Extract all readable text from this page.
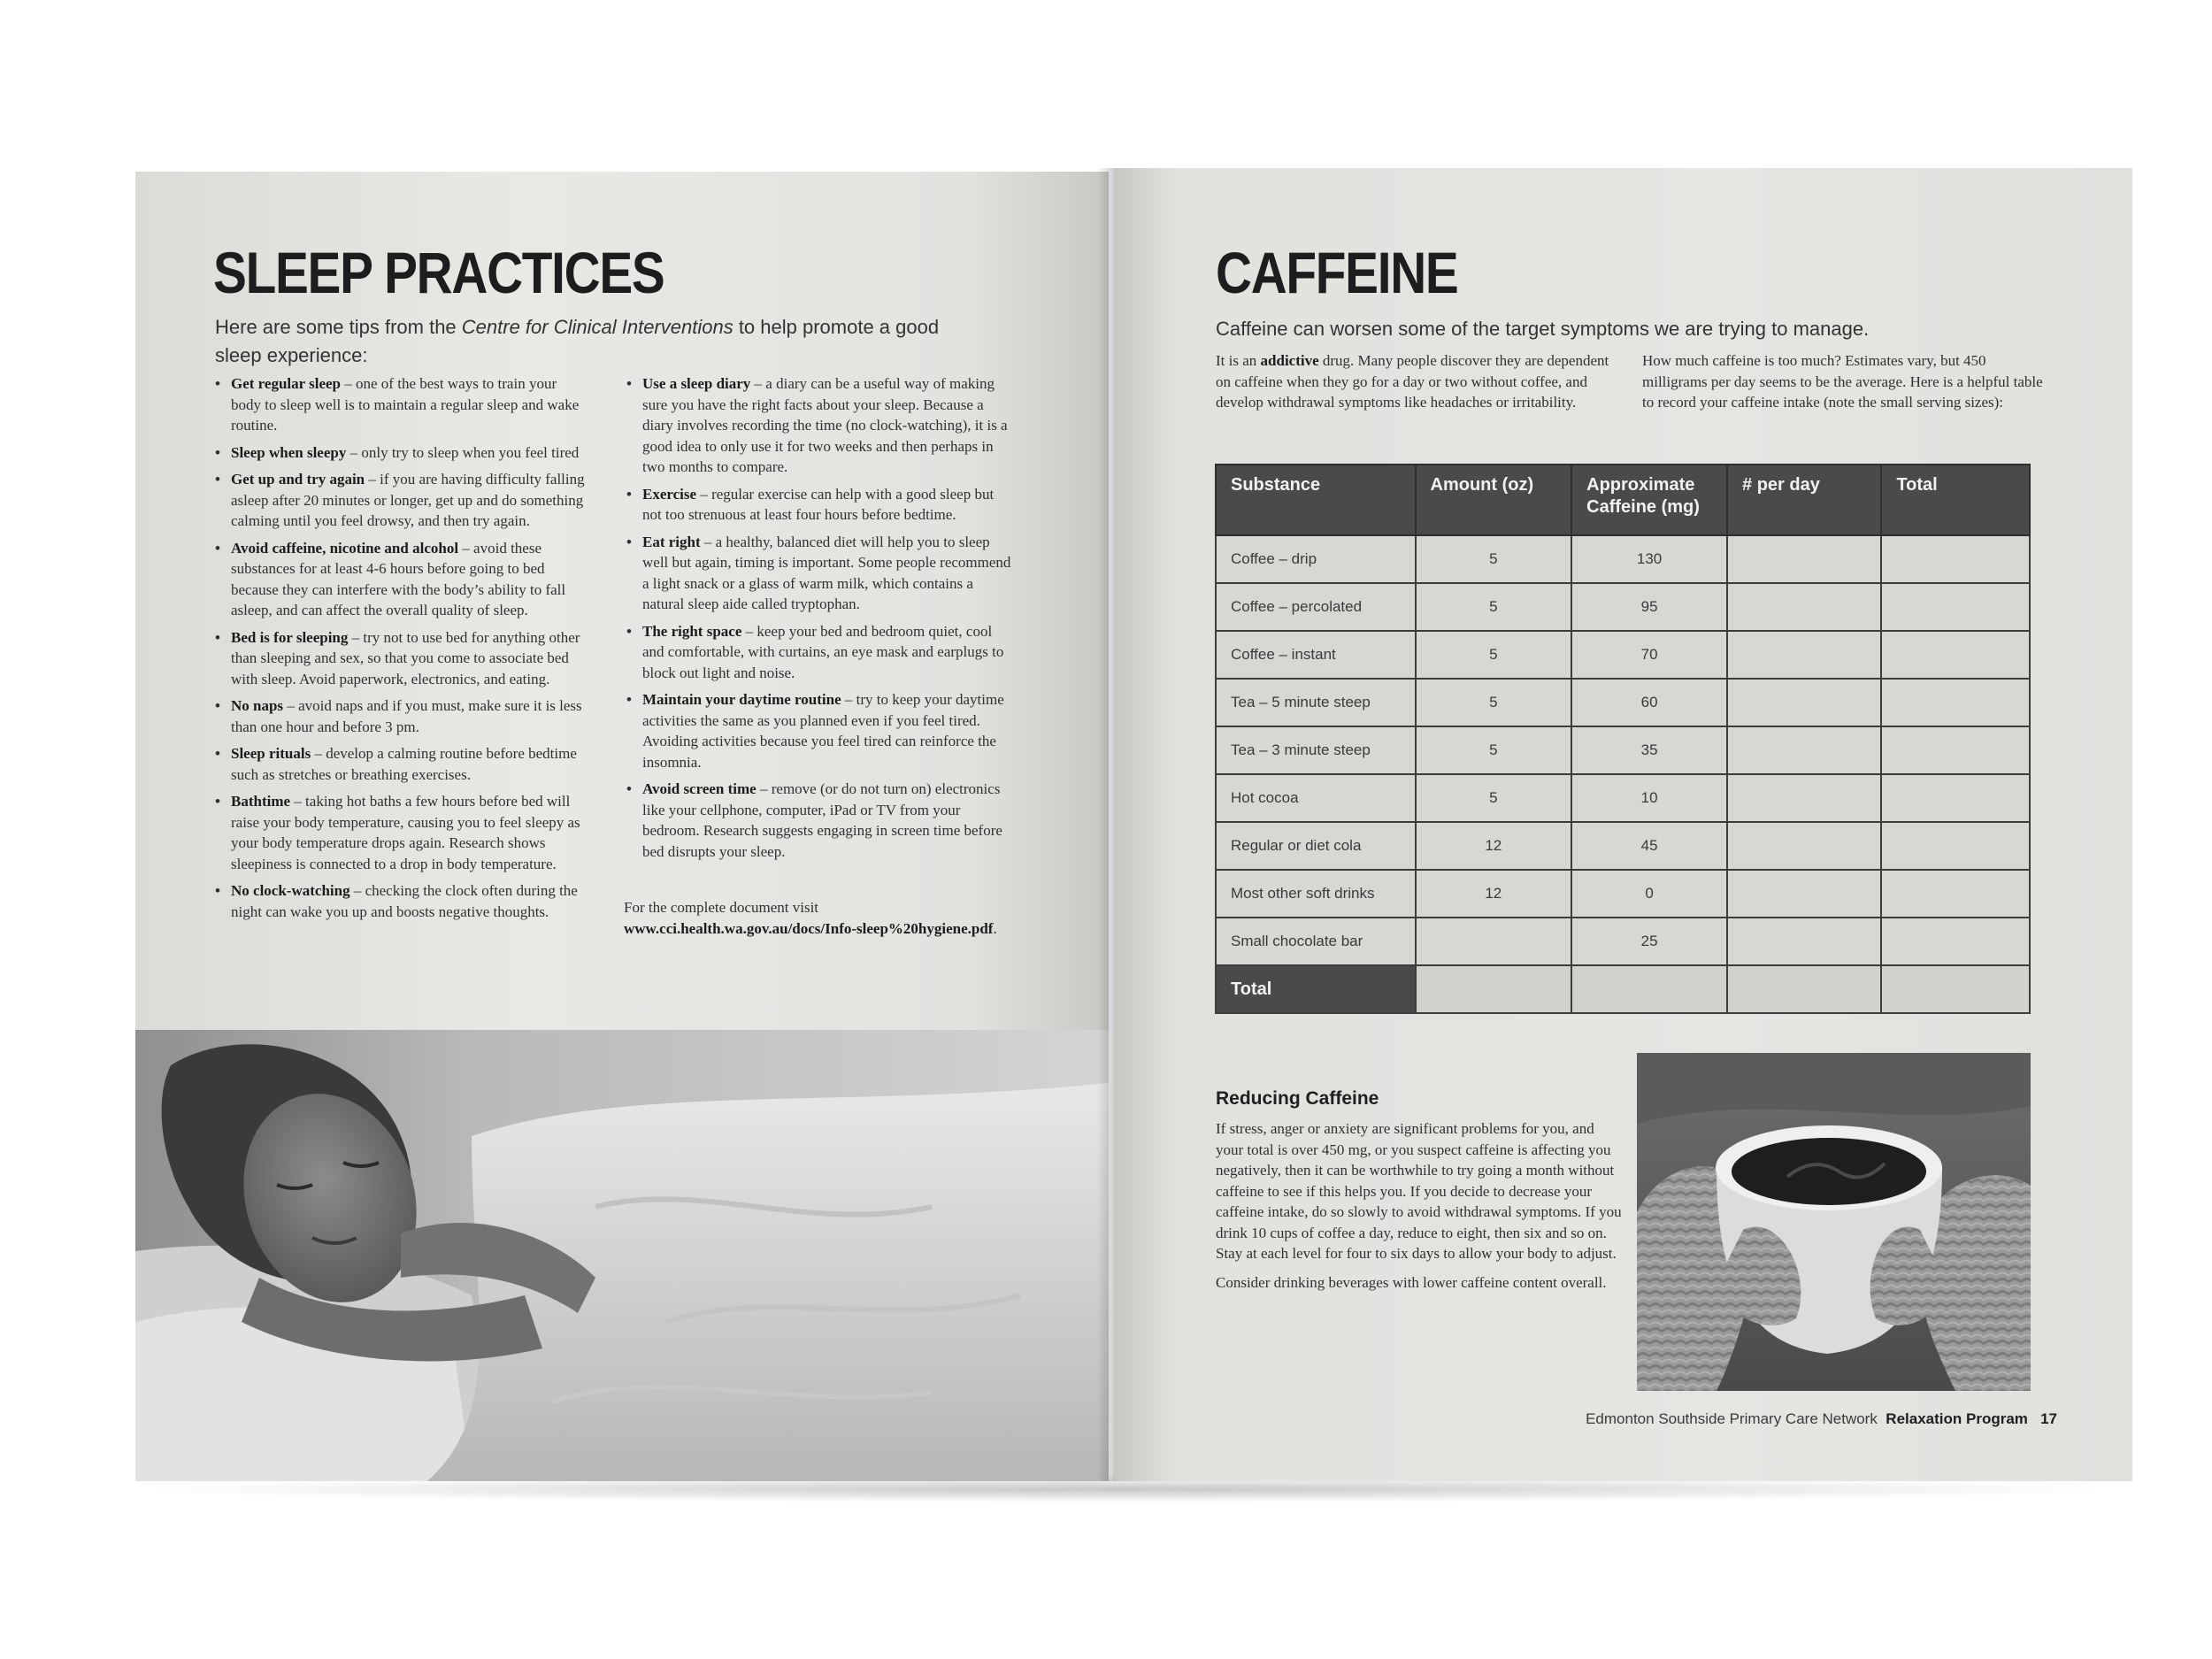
SLEEP PRACTICES
Here are some tips from the Centre for Clinical Interventions to help promote a good sleep experience:
• Get regular sleep – one of the best ways to train your body to sleep well is to maintain a regular sleep and wake routine.
• Sleep when sleepy – only try to sleep when you feel tired
• Get up and try again – if you are having difficulty falling asleep after 20 minutes or longer, get up and do something calming until you feel drowsy, and then try again.
• Avoid caffeine, nicotine and alcohol – avoid these substances for at least 4-6 hours before going to bed because they can interfere with the body’s ability to fall asleep, and can affect the overall quality of sleep.
• Bed is for sleeping – try not to use bed for anything other than sleeping and sex, so that you come to associate bed with sleep. Avoid paperwork, electronics, and eating.
• No naps – avoid naps and if you must, make sure it is less than one hour and before 3 pm.
• Sleep rituals – develop a calming routine before bedtime such as stretches or breathing exercises.
• Bathtime – taking hot baths a few hours before bed will raise your body temperature, causing you to feel sleepy as your body temperature drops again. Research shows sleepiness is connected to a drop in body temperature.
• No clock-watching – checking the clock often during the night can wake you up and boosts negative thoughts.
• Use a sleep diary – a diary can be a useful way of making sure you have the right facts about your sleep. Because a diary involves recording the time (no clock-watching), it is a good idea to only use it for two weeks and then perhaps in two months to compare.
• Exercise – regular exercise can help with a good sleep but not too strenuous at least four hours before bedtime.
• Eat right – a healthy, balanced diet will help you to sleep well but again, timing is important. Some people recommend a light snack or a glass of warm milk, which contains a natural sleep aide called tryptophan.
• The right space – keep your bed and bedroom quiet, cool and comfortable, with curtains, an eye mask and earplugs to block out light and noise.
• Maintain your daytime routine – try to keep your daytime activities the same as you planned even if you feel tired. Avoiding activities because you feel tired can reinforce the insomnia.
• Avoid screen time – remove (or do not turn on) electronics like your cellphone, computer, iPad or TV from your bedroom. Research suggests engaging in screen time before bed disrupts your sleep.
For the complete document visit
www.cci.health.wa.gov.au/docs/Info-sleep%20hygiene.pdf.
CAFFEINE
Caffeine can worsen some of the target symptoms we are trying to manage.
It is an addictive drug. Many people discover they are dependent on caffeine when they go for a day or two without coffee, and develop withdrawal symptoms like headaches or irritability.
How much caffeine is too much? Estimates vary, but 450 milligrams per day seems to be the average. Here is a helpful table to record your caffeine intake (note the small serving sizes):
Substance	Amount (oz)	Approximate Caffeine (mg)	# per day	Total
Coffee – drip	5	130		
Coffee – percolated	5	95		
Coffee – instant	5	70		
Tea – 5 minute steep	5	60		
Tea – 3 minute steep	5	35		
Hot cocoa	5	10		
Regular or diet cola	12	45		
Most other soft drinks	12	0		
Small chocolate bar		25		
Total				
Reducing Caffeine
If stress, anger or anxiety are significant problems for you, and your total is over 450 mg, or you suspect caffeine is affecting you negatively, then it can be worthwhile to try going a month without caffeine to see if this helps you. If you decide to decrease your caffeine intake, do so slowly to avoid withdrawal symptoms. If you drink 10 cups of coffee a day, reduce to eight, then six and so on. Stay at each level for four to six days to allow your body to adjust.
Consider drinking beverages with lower caffeine content overall.
Edmonton Southside Primary Care Network Relaxation Program 17
